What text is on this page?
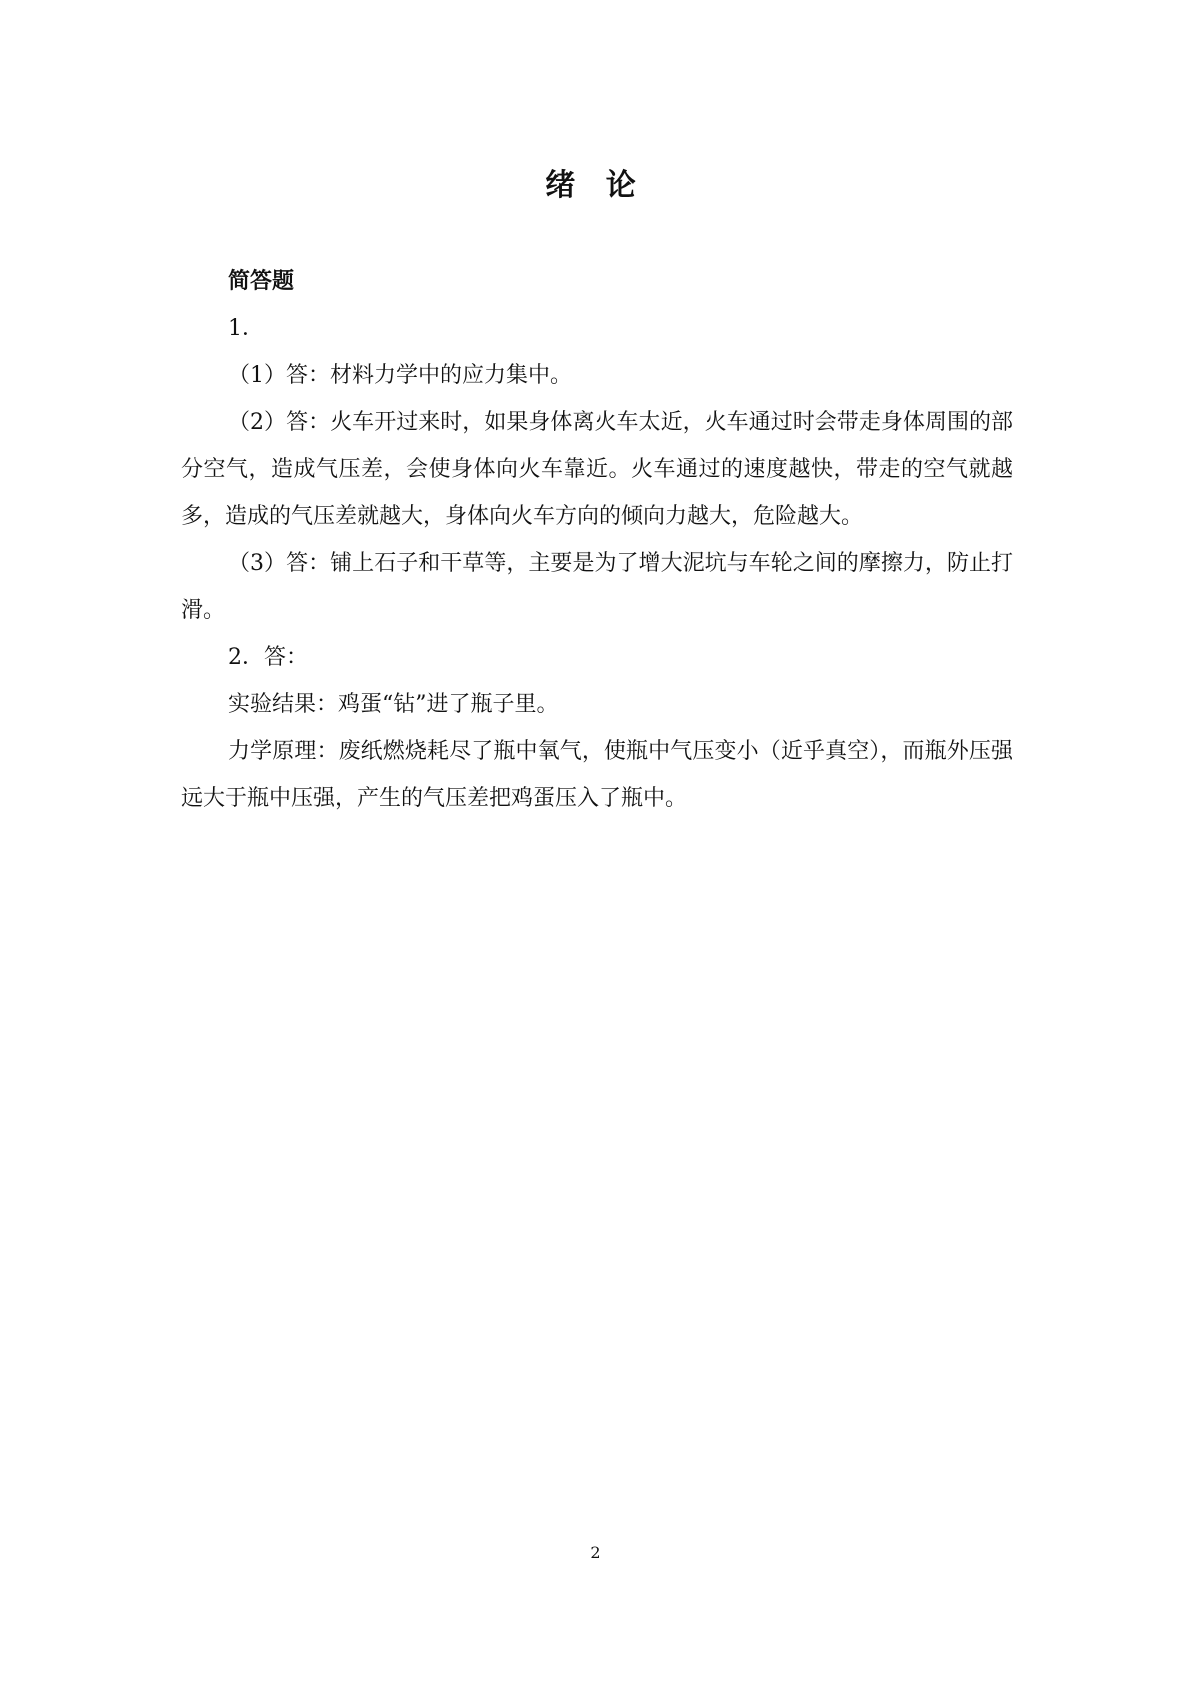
绪 论
简答题

1．

（1）答：材料力学中的应力集中。

（2）答：火车开过来时，如果身体离火车太近，火车通过时会带走身体周围的部分空气，造成气压差，会使身体向火车靠近。火车通过的速度越快，带走的空气就越多，造成的气压差就越大，身体向火车方向的倾向力越大，危险越大。

（3）答：铺上石子和干草等，主要是为了增大泥坑与车轮之间的摩擦力，防止打滑。

2．答：

实验结果：鸡蛋“钻”进了瓶子里。

力学原理：废纸燃烧耗尽了瓶中氧气，使瓶中气压变小（近乎真空），而瓶外压强远大于瓶中压强，产生的气压差把鸡蛋压入了瓶中。

2
